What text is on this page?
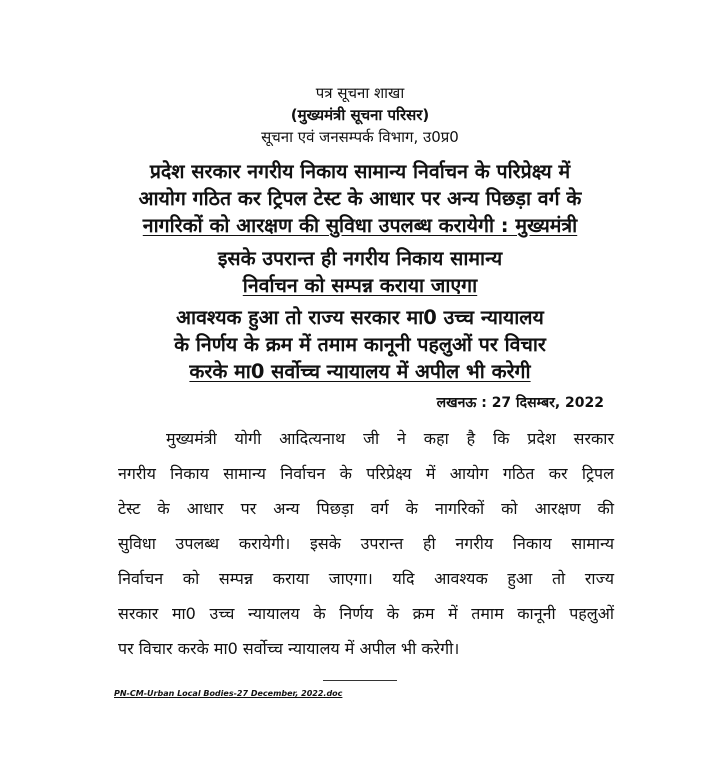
पत्र सूचना शाखा
(मुख्यमंत्री सूचना परिसर)
सूचना एवं जनसम्पर्क विभाग, उ0प्र0
प्रदेश सरकार नगरीय निकाय सामान्य निर्वाचन के परिप्रेक्ष्य में
आयोग गठित कर ट्रिपल टेस्ट के आधार पर अन्य पिछड़ा वर्ग के
नागरिकों को आरक्षण की सुविधा उपलब्ध करायेगी : मुख्यमंत्री
इसके उपरान्त ही नगरीय निकाय सामान्य
निर्वाचन को सम्पन्न कराया जाएगा
आवश्यक हुआ तो राज्य सरकार मा0 उच्च न्यायालय
के निर्णय के क्रम में तमाम कानूनी पहलुओं पर विचार
करके मा0 सर्वोच्च न्यायालय में अपील भी करेगी
लखनऊ : 27 दिसम्बर, 2022
मुख्यमंत्री योगी आदित्यनाथ जी ने कहा है कि प्रदेश सरकार
नगरीय निकाय सामान्य निर्वाचन के परिप्रेक्ष्य में आयोग गठित कर ट्रिपल
टेस्ट के आधार पर अन्य पिछड़ा वर्ग के नागरिकों को आरक्षण की
सुविधा उपलब्ध करायेगी। इसके उपरान्त ही नगरीय निकाय सामान्य
निर्वाचन को सम्पन्न कराया जाएगा। यदि आवश्यक हुआ तो राज्य
सरकार मा0 उच्च न्यायालय के निर्णय के क्रम में तमाम कानूनी पहलुओं
पर विचार करके मा0 सर्वोच्च न्यायालय में अपील भी करेगी।
PN-CM-Urban Local Bodies-27 December, 2022.doc
